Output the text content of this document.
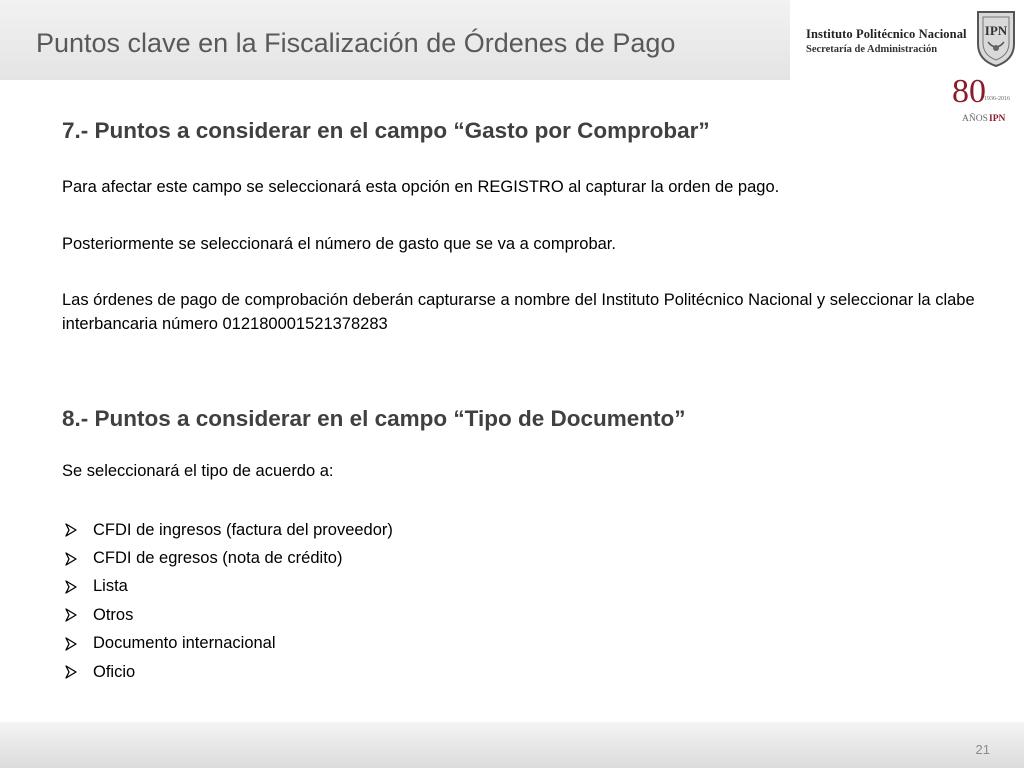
Puntos clave en la Fiscalización de Órdenes de Pago	Instituto Politécnico Nacional
Secretaría de Administración
IPN
80
1936-2016
AÑOS IPN
7.- Puntos a considerar en el campo “Gasto por Comprobar”
Para afectar este campo se seleccionará esta opción en REGISTRO al capturar la orden de pago.
Posteriormente se seleccionará el número de gasto que se va a comprobar.
Las órdenes de pago de comprobación deberán capturarse a nombre del Instituto Politécnico Nacional y seleccionar la clabe interbancaria número 012180001521378283
8.- Puntos a considerar en el campo “Tipo de Documento”
Se seleccionará el tipo de acuerdo a:
CFDI de ingresos (factura del proveedor)
CFDI de egresos (nota de crédito)
Lista
Otros
Documento internacional
Oficio
21
